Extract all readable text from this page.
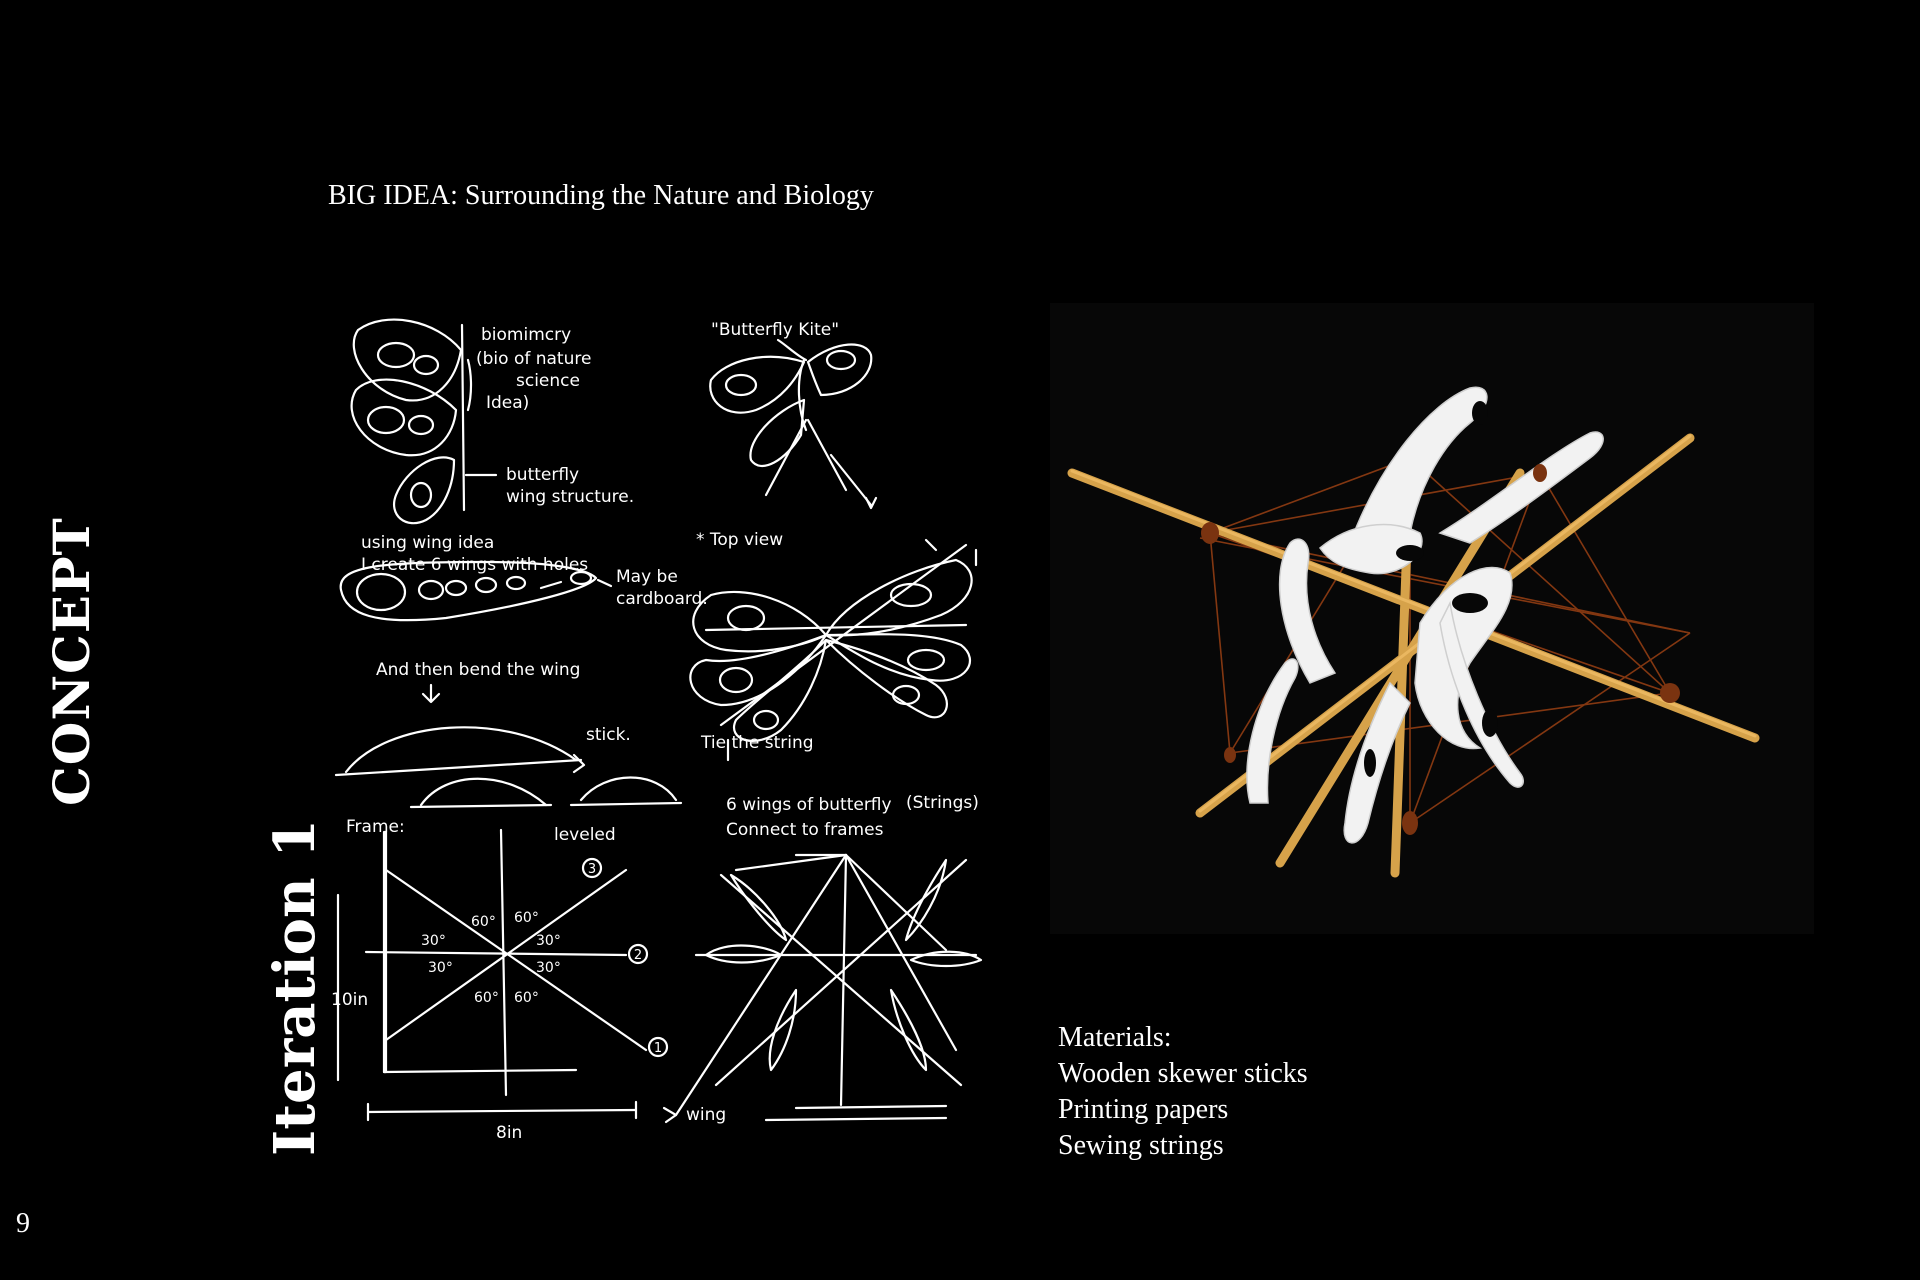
BIG IDEA: Surrounding the Nature and Biology
CONCEPT
Iteration 1
biomimcry
(bio of nature
science
Idea)
butterfly
wing structure.
"Butterfly Kite"
using wing idea
I create 6 wings with holes
May be
cardboard.
* Top view
And then bend the wing
stick.	Tie the string
Frame:	leveled
6 wings of butterfly
Connect to frames
(Strings)
10in
8in
wing
30°
60° 60°
30°
30°	30°
60° 60°
3
2
1	Materials:
Wooden skewer sticks
Printing papers
Sewing strings
9
